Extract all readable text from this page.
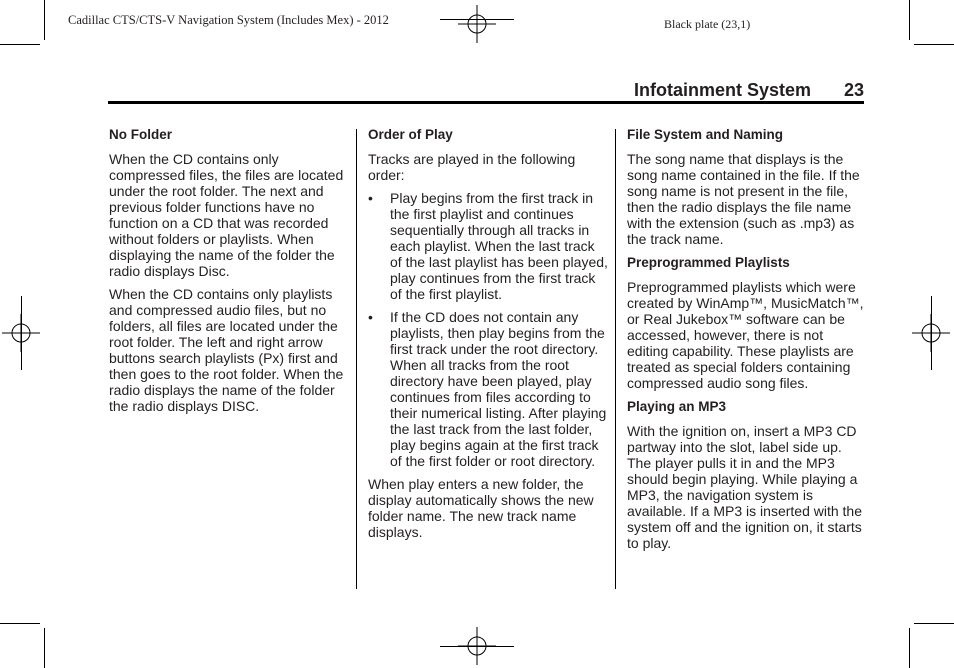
Cadillac CTS/CTS-V Navigation System (Includes Mex) - 2012	Black plate (23,1)
Infotainment System	23
No Folder

When the CD contains only compressed files, the files are located under the root folder. The next and previous folder functions have no function on a CD that was recorded without folders or playlists. When displaying the name of the folder the radio displays Disc.

When the CD contains only playlists and compressed audio files, but no folders, all files are located under the root folder. The left and right arrow buttons search playlists (Px) first and then goes to the root folder. When the radio displays the name of the folder the radio displays DISC.

Order of Play

Tracks are played in the following order:

• Play begins from the first track in the first playlist and continues sequentially through all tracks in each playlist. When the last track of the last playlist has been played, play continues from the first track of the first playlist.
• If the CD does not contain any playlists, then play begins from the first track under the root directory. When all tracks from the root directory have been played, play continues from files according to their numerical listing. After playing the last track from the last folder, play begins again at the first track of the first folder or root directory.

When play enters a new folder, the display automatically shows the new folder name. The new track name displays.

File System and Naming

The song name that displays is the song name contained in the file. If the song name is not present in the file, then the radio displays the file name with the extension (such as .mp3) as the track name.

Preprogrammed Playlists

Preprogrammed playlists which were created by WinAmp™, MusicMatch™, or Real Jukebox™ software can be accessed, however, there is not editing capability. These playlists are treated as special folders containing compressed audio song files.

Playing an MP3

With the ignition on, insert a MP3 CD partway into the slot, label side up. The player pulls it in and the MP3 should begin playing. While playing a MP3, the navigation system is available. If a MP3 is inserted with the system off and the ignition on, it starts to play.
